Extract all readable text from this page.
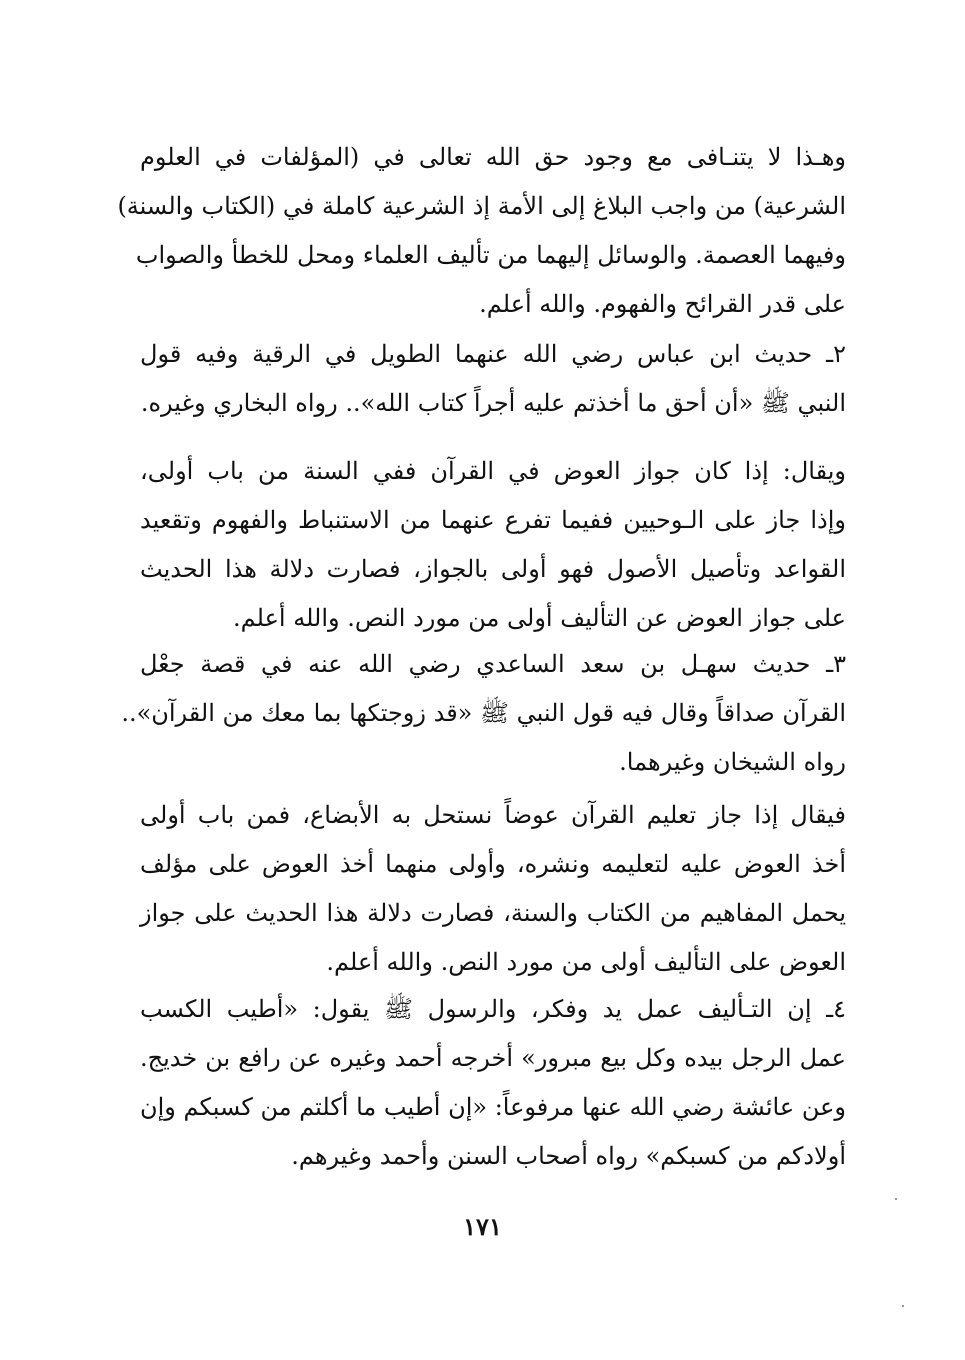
وهـذا لا يتنـافى مع وجود حق الله تعالى في (المؤلفات في العلوم
الشرعية) من واجب البلاغ إلى الأمة إذ الشرعية كاملة في (الكتاب والسنة)
وفيهما العصمة. والوسائل إليهما من تأليف العلماء ومحل للخطأ والصواب
على قدر القرائح والفهوم. والله أعلم.
٢ـ حديث ابن عباس رضي الله عنهما الطويل في الرقية وفيه قول
النبي ﷺ «أن أحق ما أخذتم عليه أجراً كتاب الله».. رواه البخاري وغيره.
ويقال: إذا كان جواز العوض في القرآن ففي السنة من باب أولى،
وإذا جاز على الـوحيين ففيما تفرع عنهما من الاستنباط والفهوم وتقعيد
القواعد وتأصيل الأصول فهو أولى بالجواز، فصارت دلالة هذا الحديث
على جواز العوض عن التأليف أولى من مورد النص. والله أعلم.
٣ـ حديث سهـل بن سعد الساعدي رضي الله عنه في قصة جعْل
القرآن صداقاً وقال فيه قول النبي ﷺ «قد زوجتكها بما معك من القرآن»..
رواه الشيخان وغيرهما.
فيقال إذا جاز تعليم القرآن عوضاً نستحل به الأبضاع، فمن باب أولى
أخذ العوض عليه لتعليمه ونشره، وأولى منهما أخذ العوض على مؤلف
يحمل المفاهيم من الكتاب والسنة، فصارت دلالة هذا الحديث على جواز
العوض على التأليف أولى من مورد النص. والله أعلم.
٤ـ إن التـأليف عمل يد وفكر، والرسول ﷺ يقول: «أطيب الكسب
عمل الرجل بيده وكل بيع مبرور» أخرجه أحمد وغيره عن رافع بن خديج.
وعن عائشة رضي الله عنها مرفوعاً: «إن أطيب ما أكلتم من كسبكم وإن
أولادكم من كسبكم» رواه أصحاب السنن وأحمد وغيرهم.
١٧١
